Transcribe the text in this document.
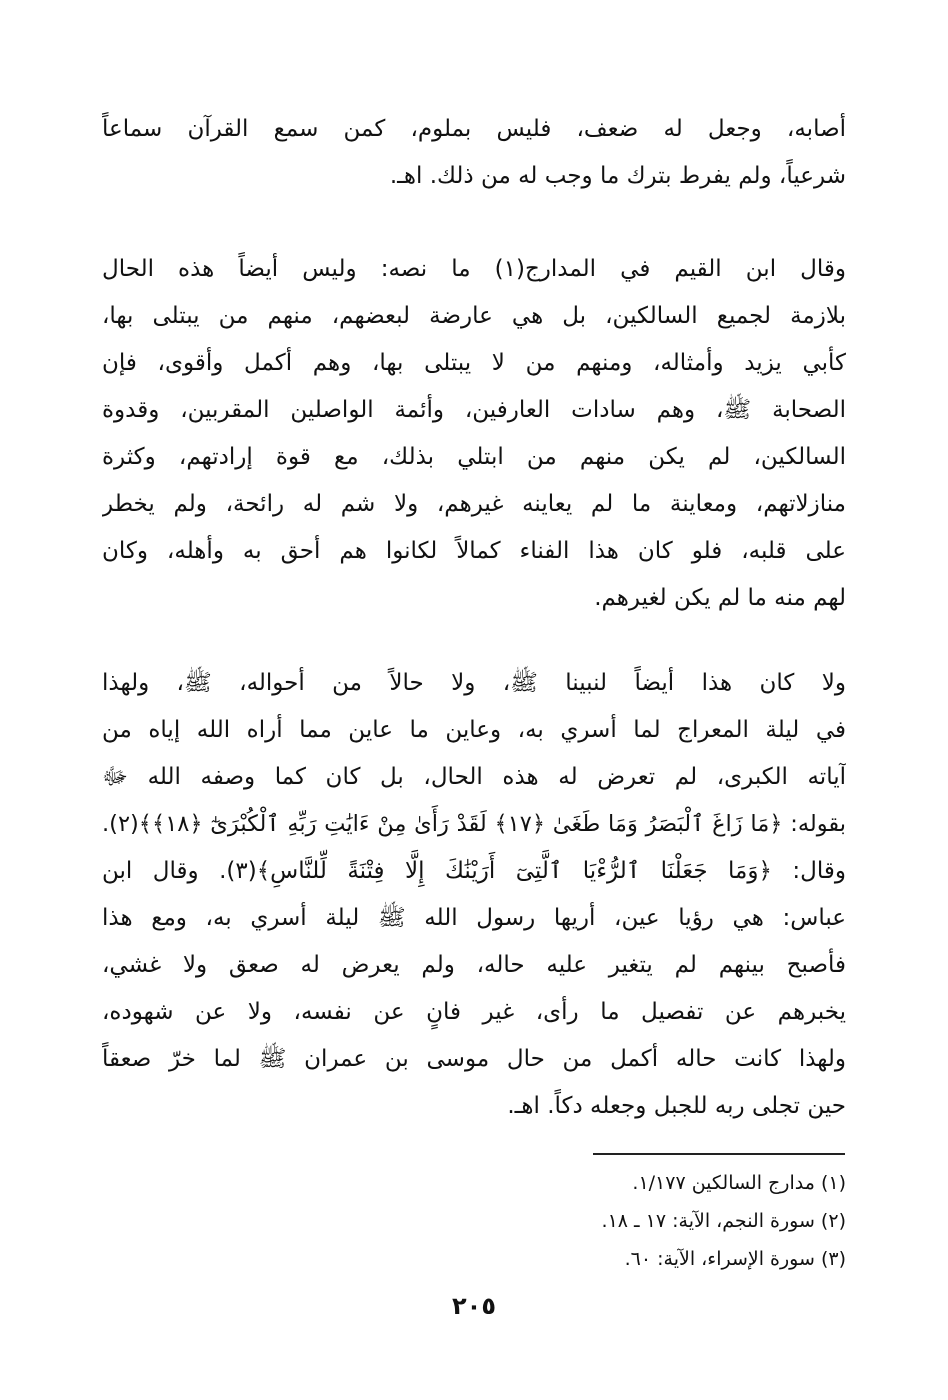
أصابه، وجعل له ضعف، فليس بملوم، كمن سمع القرآن سماعاً
شرعياً، ولم يفرط بترك ما وجب له من ذلك. اهـ.
وقال ابن القيم في المدارج(١) ما نصه: وليس أيضاً هذه الحال
بلازمة لجميع السالكين، بل هي عارضة لبعضهم، منهم من يبتلى بها،
كأبي يزيد وأمثاله، ومنهم من لا يبتلى بها، وهم أكمل وأقوى، فإن
الصحابة ﷺ، وهم سادات العارفين، وأئمة الواصلين المقربين، وقدوة
السالكين، لم يكن منهم من ابتلي بذلك، مع قوة إرادتهم، وكثرة
منازلاتهم، ومعاينة ما لم يعاينه غيرهم، ولا شم له رائحة، ولم يخطر
على قلبه، فلو كان هذا الفناء كمالاً لكانوا هم أحق به وأهله، وكان
لهم منه ما لم يكن لغيرهم.
ولا كان هذا أيضاً لنبينا ﷺ، ولا حالاً من أحواله، ﷺ، ولهذا
في ليلة المعراج لما أسري به، وعاين ما عاين مما أراه الله إياه من
آياته الكبرى، لم تعرض له هذه الحال، بل كان كما وصفه الله ﷻ
بقوله: ﴿مَا زَاغَ ٱلْبَصَرُ وَمَا طَغَىٰ ﴿١٧﴾ لَقَدْ رَأَىٰ مِنْ ءَايَٰتِ رَبِّهِ ٱلْكُبْرَىٰٓ ﴿١٨﴾﴾(٢).
وقال: ﴿وَمَا جَعَلْنَا ٱلرُّءْيَا ٱلَّتِىٓ أَرَيْنَٰكَ إِلَّا فِتْنَةً لِّلنَّاسِ﴾(٣). وقال ابن
عباس: هي رؤيا عين، أريها رسول الله ﷺ ليلة أسري به، ومع هذا
فأصبح بينهم لم يتغير عليه حاله، ولم يعرض له صعق ولا غشي،
يخبرهم عن تفصيل ما رأى، غير فانٍ عن نفسه، ولا عن شهوده،
ولهذا كانت حاله أكمل من حال موسى بن عمران ﷺ لما خرّ صعقاً
حين تجلى ربه للجبل وجعله دكاً. اهـ.
(١) مدارج السالكين ١/١٧٧.
(٢) سورة النجم، الآية: ١٧ ـ ١٨.
(٣) سورة الإسراء، الآية: ٦٠.
٢٠٥
